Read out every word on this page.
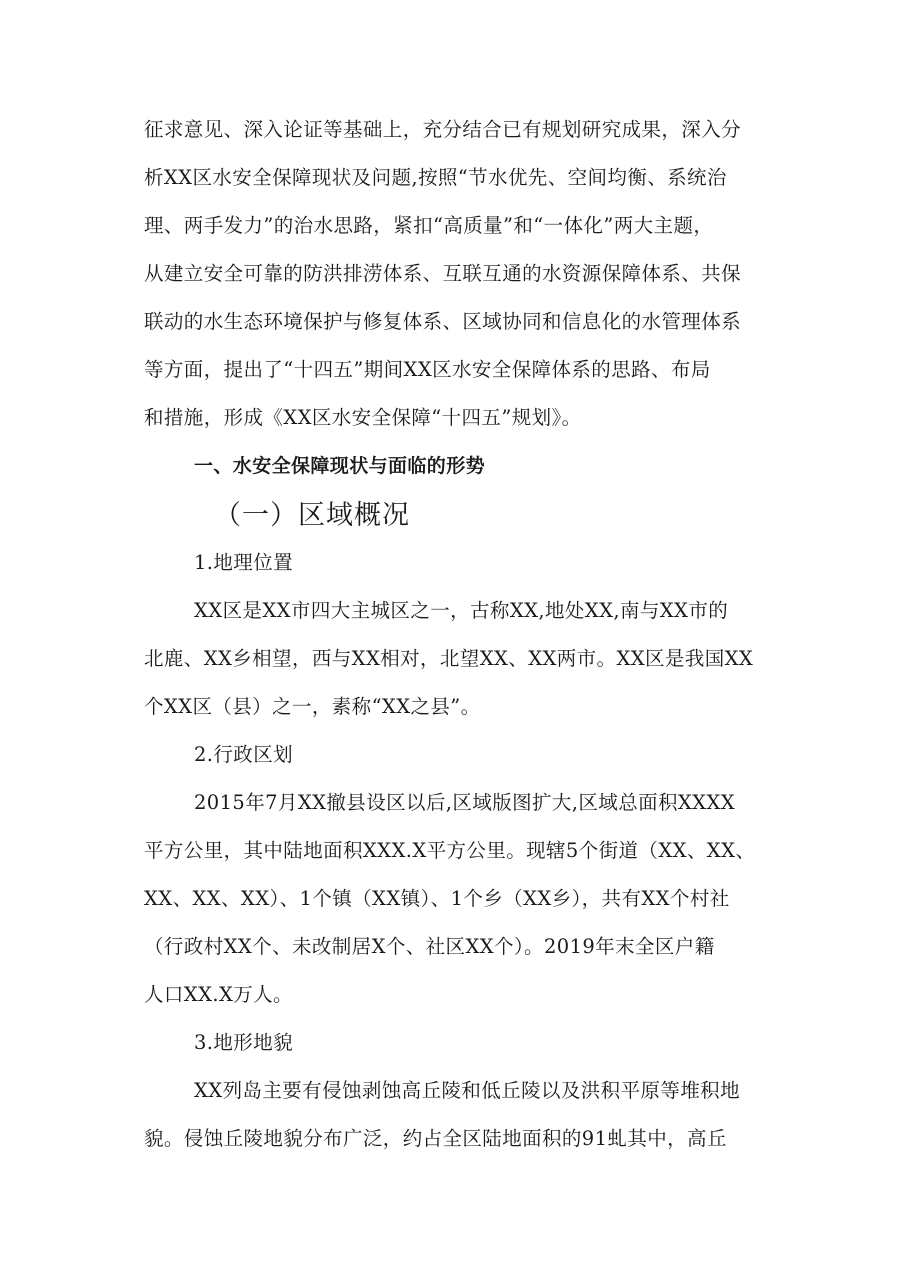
征求意见、深入论证等基础上，充分结合已有规划研究成果，深入分
析XX区水安全保障现状及问题,按照“节水优先、空间均衡、系统治
理、两手发力”的治水思路，紧扣“高质量”和“一体化”两大主题，
从建立安全可靠的防洪排涝体系、互联互通的水资源保障体系、共保
联动的水生态环境保护与修复体系、区域协同和信息化的水管理体系
等方面，提出了“十四五”期间XX区水安全保障体系的思路、布局
和措施，形成《XX区水安全保障“十四五”规划》。
一、水安全保障现状与面临的形势
（一）区域概况
1.地理位置
XX区是XX市四大主城区之一，古称XX,地处XX,南与XX市的
北鹿、XX乡相望，西与XX相对，北望XX、XX两市。XX区是我国XX
个XX区（县）之一，素称“XX之县”。
2.行政区划
2015年7月XX撤县设区以后,区域版图扩大,区域总面积XXXX
平方公里，其中陆地面积XXX.X平方公里。现辖5个街道（XX、XX、
XX、XX、XX）、1个镇（XX镇）、1个乡（XX乡），共有XX个村社
（行政村XX个、未改制居X个、社区XX个）。2019年末全区户籍
人口XX.X万人。
3.地形地貌
XX列岛主要有侵蚀剥蚀高丘陵和低丘陵以及洪积平原等堆积地
貌。侵蚀丘陵地貌分布广泛，约占全区陆地面积的91虬其中，高丘
